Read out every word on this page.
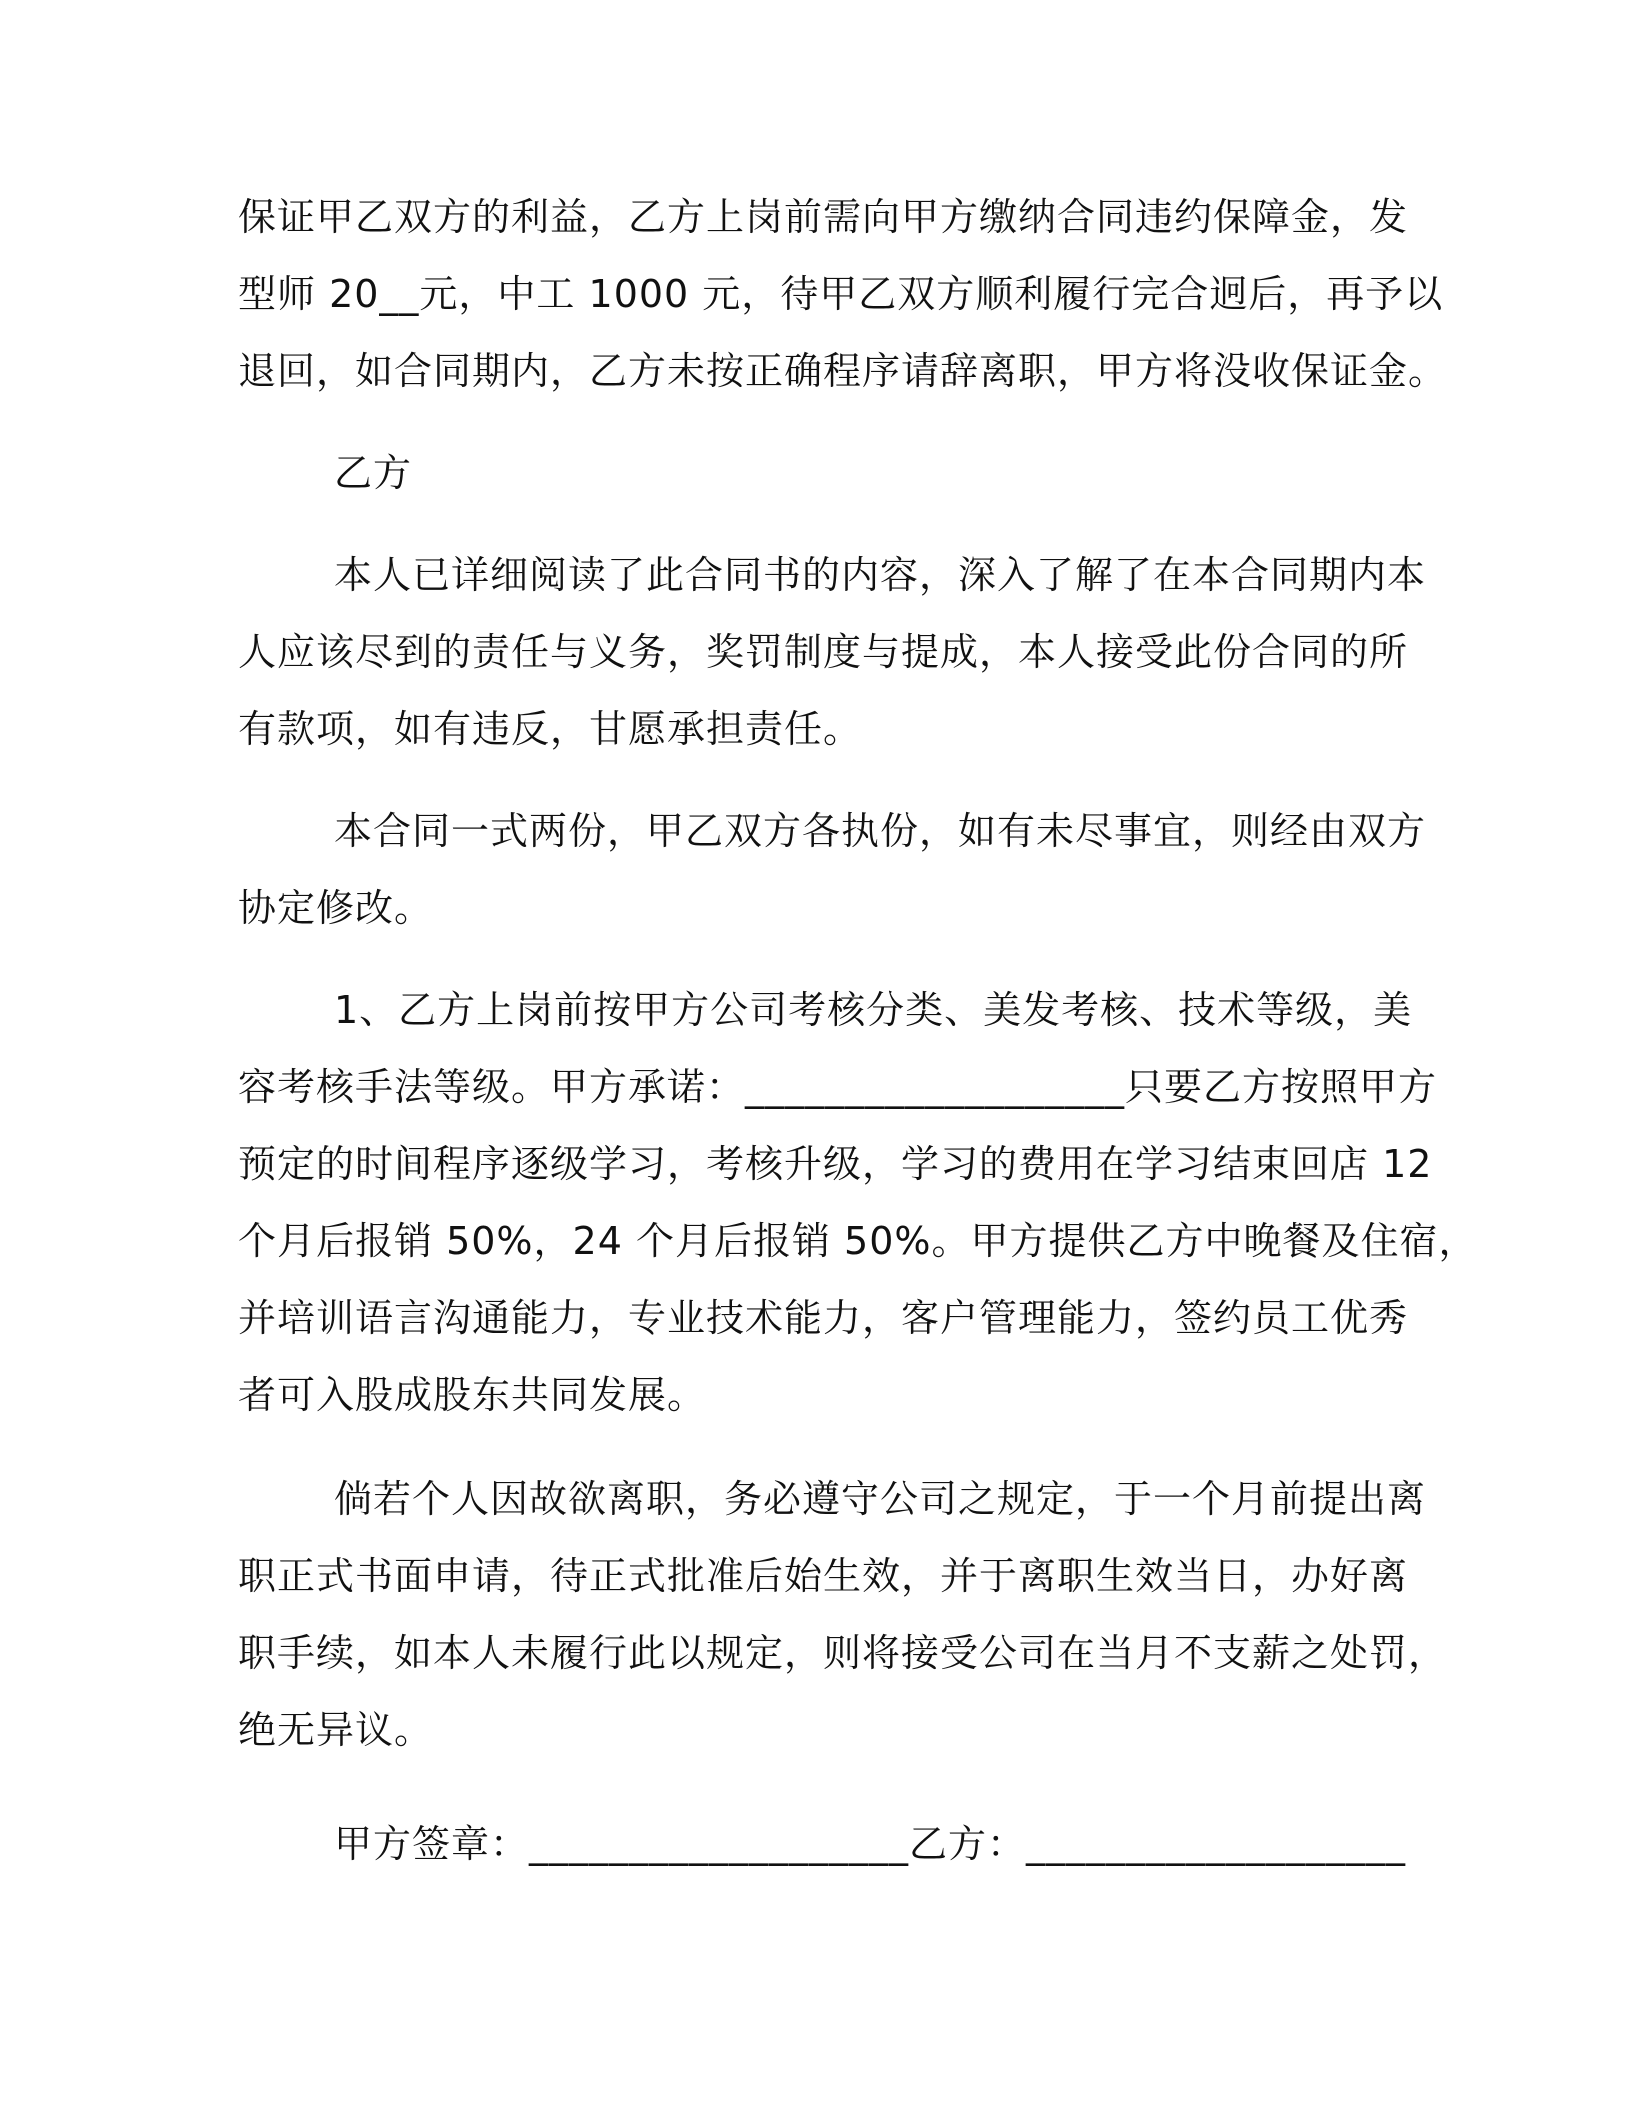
保证甲乙双方的利益，乙方上岗前需向甲方缴纳合同违约保障金，发
型师 20__元，中工 1000 元，待甲乙双方顺利履行完合迥后，再予以
退回，如合同期内，乙方未按正确程序请辞离职，甲方将没收保证金。
乙方
本人已详细阅读了此合同书的内容，深入了解了在本合同期内本
人应该尽到的责任与义务，奖罚制度与提成，本人接受此份合同的所
有款项，如有违反，甘愿承担责任。
本合同一式两份，甲乙双方各执份，如有未尽事宜，则经由双方
协定修改。
1、乙方上岗前按甲方公司考核分类、美发考核、技术等级，美
容考核手法等级。甲方承诺：___________________只要乙方按照甲方
预定的时间程序逐级学习，考核升级，学习的费用在学习结束回店 12
个月后报销 50%，24 个月后报销 50%。甲方提供乙方中晚餐及住宿，
并培训语言沟通能力，专业技术能力，客户管理能力，签约员工优秀
者可入股成股东共同发展。
倘若个人因故欲离职，务必遵守公司之规定，于一个月前提出离
职正式书面申请，待正式批准后始生效，并于离职生效当日，办好离
职手续，如本人未履行此以规定，则将接受公司在当月不支薪之处罚，
绝无异议。
甲方签章：___________________乙方：___________________
